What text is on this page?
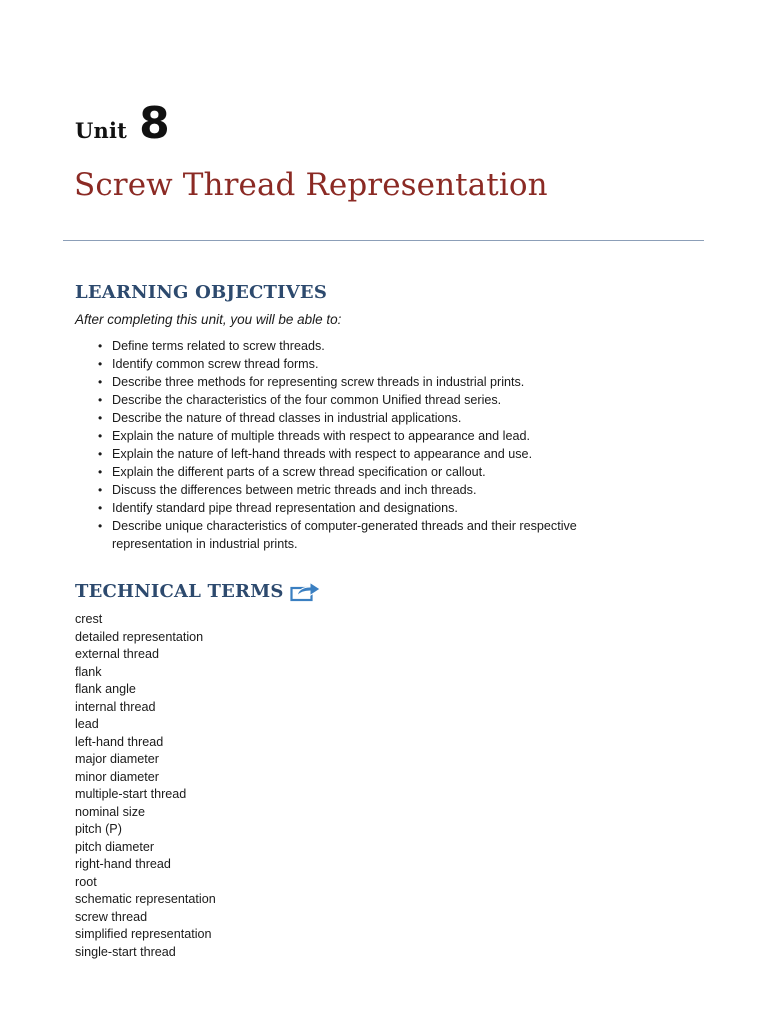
Unit 8
Screw Thread Representation
LEARNING OBJECTIVES

After completing this unit, you will be able to:

• Define terms related to screw threads.
• Identify common screw thread forms.
• Describe three methods for representing screw threads in industrial prints.
• Describe the characteristics of the four common Unified thread series.
• Describe the nature of thread classes in industrial applications.
• Explain the nature of multiple threads with respect to appearance and lead.
• Explain the nature of left-hand threads with respect to appearance and use.
• Explain the different parts of a screw thread specification or callout.
• Discuss the differences between metric threads and inch threads.
• Identify standard pipe thread representation and designations.
• Describe unique characteristics of computer-generated threads and their respective representation in industrial prints.
TECHNICAL TERMS
crest
detailed representation
external thread
flank
flank angle
internal thread
lead
left-hand thread
major diameter
minor diameter
multiple-start thread
nominal size
pitch (P)
pitch diameter
right-hand thread
root
schematic representation
screw thread
simplified representation
single-start thread
